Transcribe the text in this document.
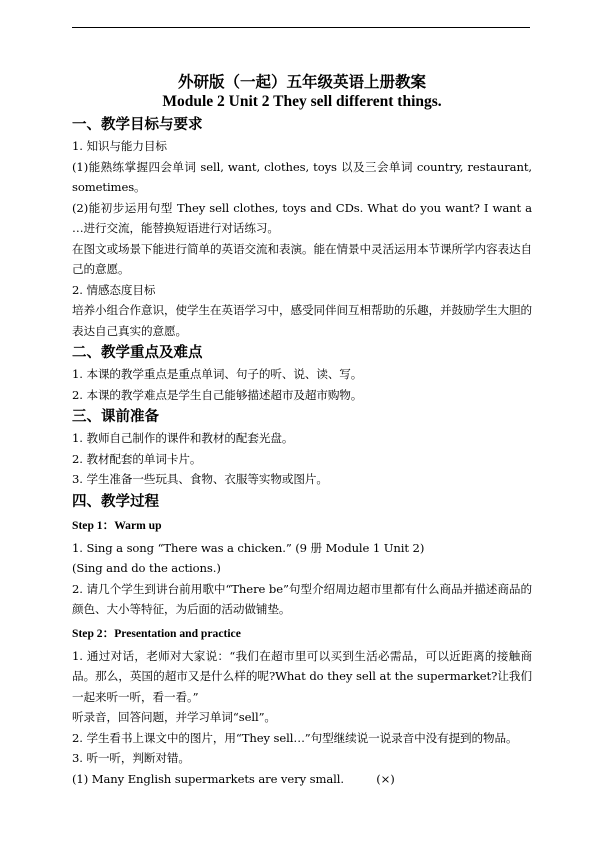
外研版（一起）五年级英语上册教案
Module 2 Unit 2 They sell different things.
一、教学目标与要求
1. 知识与能力目标
(1)能熟练掌握四会单词 sell, want, clothes, toys 以及三会单词 country, restaurant, sometimes。
(2)能初步运用句型 They sell clothes, toys and CDs. What do you want? I want a …进行交流，能替换短语进行对话练习。
在图文或场景下能进行简单的英语交流和表演。能在情景中灵活运用本节课所学内容表达自己的意愿。
2. 情感态度目标
培养小组合作意识，使学生在英语学习中，感受同伴间互相帮助的乐趣，并鼓励学生大胆的表达自己真实的意愿。
二、教学重点及难点
1. 本课的教学重点是重点单词、句子的听、说、读、写。
2. 本课的教学难点是学生自己能够描述超市及超市购物。
三、课前准备
1. 教师自己制作的课件和教材的配套光盘。
2. 教材配套的单词卡片。
3. 学生准备一些玩具、食物、衣服等实物或图片。
四、教学过程
Step 1：Warm up
1. Sing a song “There was a chicken.” (9 册 Module 1 Unit 2)
(Sing and do the actions.)
2. 请几个学生到讲台前用歌中“There be”句型介绍周边超市里都有什么商品并描述商品的颜色、大小等特征，为后面的活动做铺垫。
Step 2：Presentation and practice
1. 通过对话，老师对大家说：“我们在超市里可以买到生活必需品，可以近距离的接触商品。那么，英国的超市又是什么样的呢?What do they sell at the supermarket?让我们一起来听一听，看一看。”
听录音，回答问题，并学习单词“sell”。
2. 学生看书上课文中的图片，用“They sell…”句型继续说一说录音中没有提到的物品。
3. 听一听，判断对错。
(1) Many English supermarkets are very small.         (×)
